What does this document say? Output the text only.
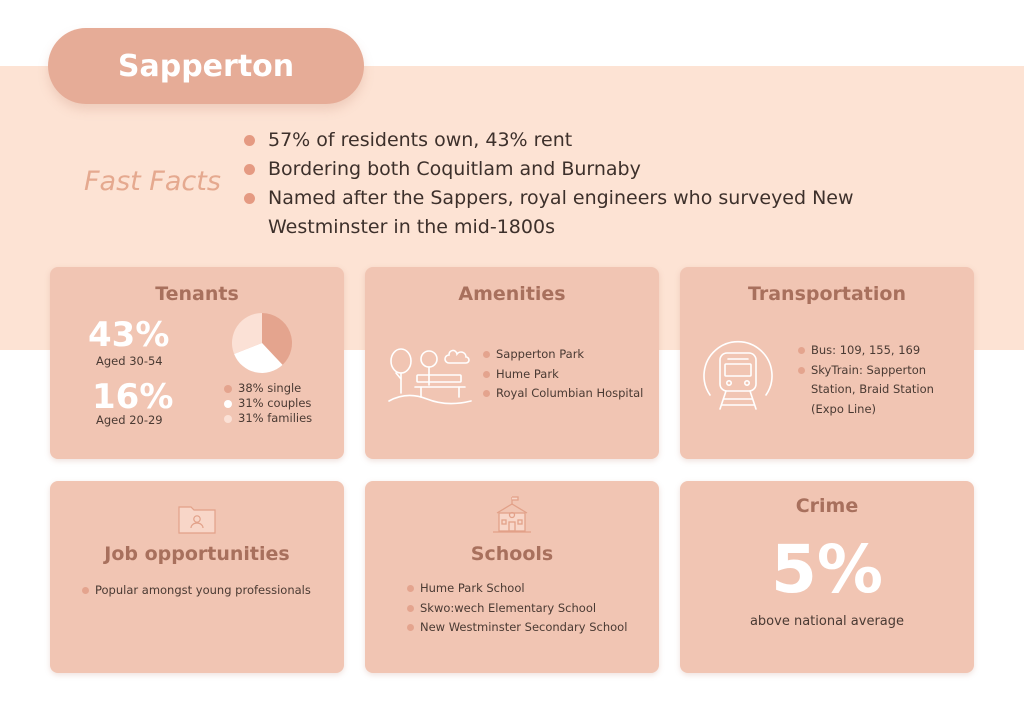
Sapperton
Fast Facts
57% of residents own, 43% rent
Bordering both Coquitlam and Burnaby
Named after the Sappers, royal engineers who surveyed New Westminster in the mid-1800s
Tenants
43%
Aged 30-54
16%
Aged 20-29
38% single
31% couples
31% families
Amenities
Sapperton Park
Hume Park
Royal Columbian Hospital
Transportation
Bus: 109, 155, 169
SkyTrain: Sapperton Station, Braid Station (Expo Line)
Job opportunities
Popular amongst young professionals
Schools
Hume Park School
Skwo:wech Elementary School
New Westminster Secondary School
Crime
5%
above national average
